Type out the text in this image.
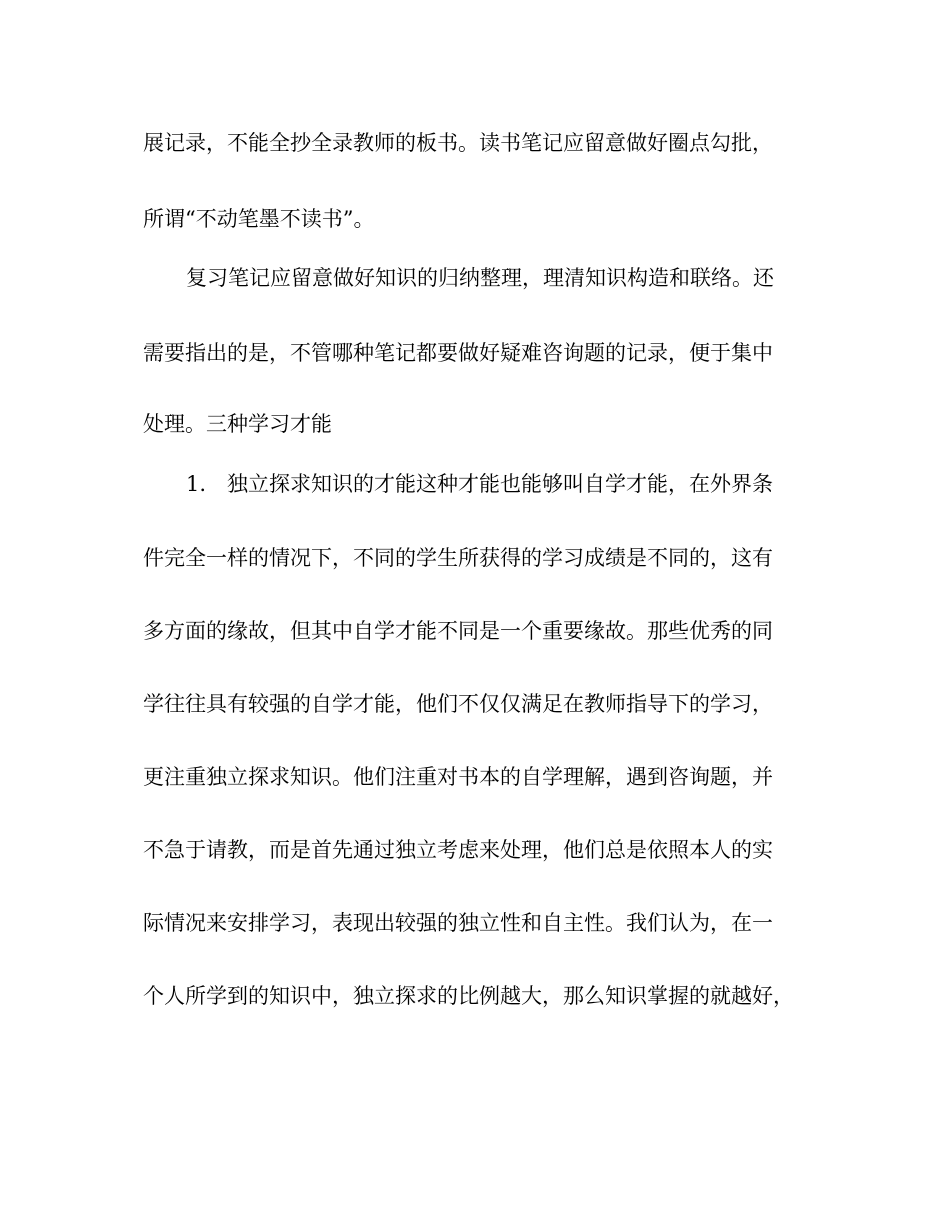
展记录，不能全抄全录教师的板书。读书笔记应留意做好圈点勾批，
所谓“不动笔墨不读书”。
复习笔记应留意做好知识的归纳整理，理清知识构造和联络。还
需要指出的是，不管哪种笔记都要做好疑难咨询题的记录，便于集中
处理。三种学习才能
1.　独立探求知识的才能这种才能也能够叫自学才能，在外界条
件完全一样的情况下，不同的学生所获得的学习成绩是不同的，这有
多方面的缘故，但其中自学才能不同是一个重要缘故。那些优秀的同
学往往具有较强的自学才能，他们不仅仅满足在教师指导下的学习，
更注重独立探求知识。他们注重对书本的自学理解，遇到咨询题，并
不急于请教，而是首先通过独立考虑来处理，他们总是依照本人的实
际情况来安排学习，表现出较强的独立性和自主性。我们认为，在一
个人所学到的知识中，独立探求的比例越大，那么知识掌握的就越好，
